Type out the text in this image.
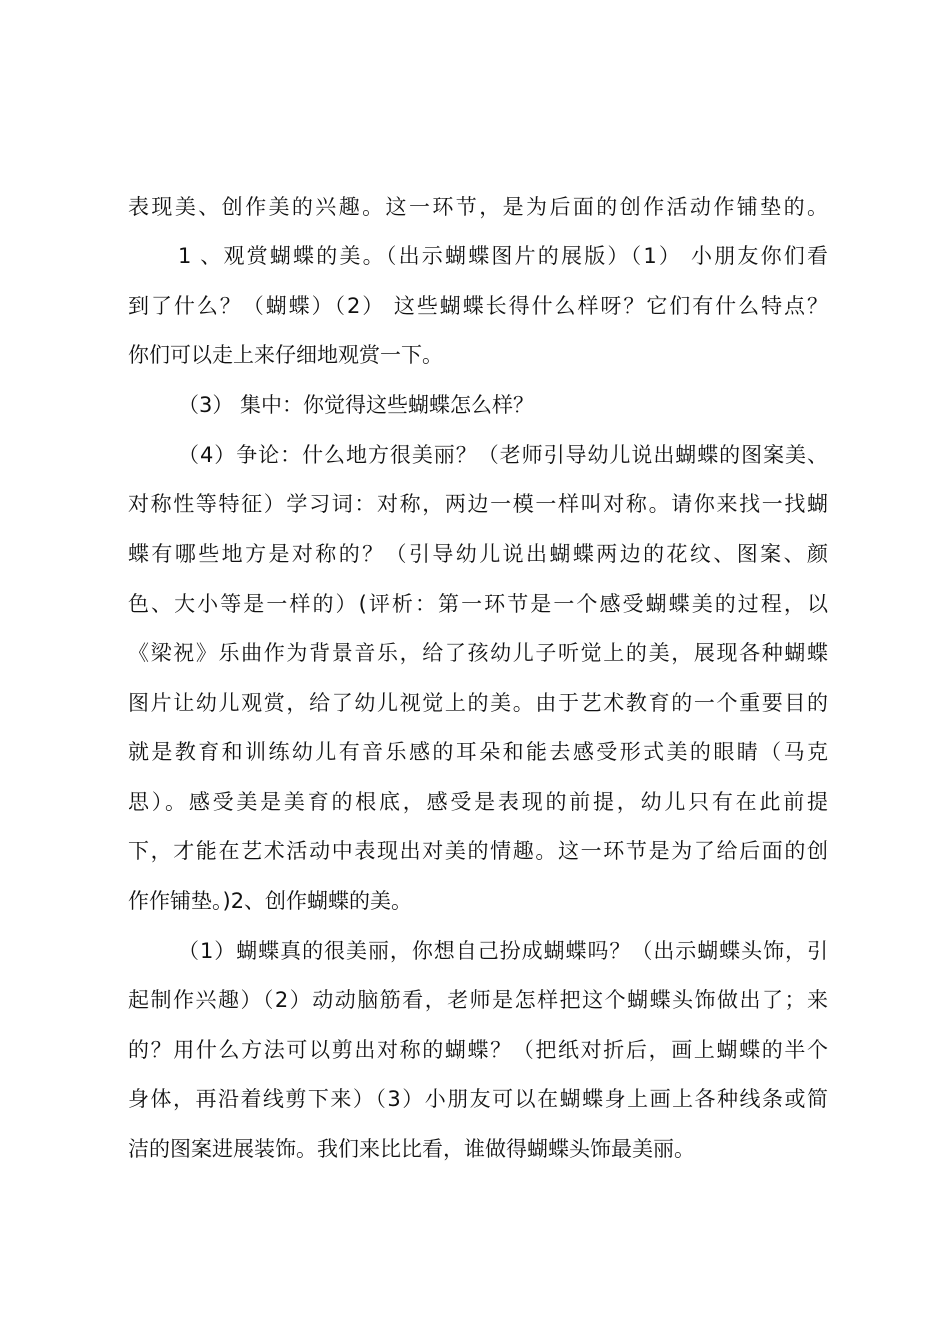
表现美、创作美的兴趣。这一环节，是为后面的创作活动作铺垫的。
1 、观赏蝴蝶的美。（出示蝴蝶图片的展版）（1） 小朋友你们看
到了什么？（蝴蝶）（2） 这些蝴蝶长得什么样呀？它们有什么特点？
你们可以走上来仔细地观赏一下。
（3） 集中：你觉得这些蝴蝶怎么样？
（4）争论：什么地方很美丽？（老师引导幼儿说出蝴蝶的图案美、
对称性等特征）学习词：对称，两边一模一样叫对称。请你来找一找蝴
蝶有哪些地方是对称的？（引导幼儿说出蝴蝶两边的花纹、图案、颜
色、大小等是一样的）(评析：第一环节是一个感受蝴蝶美的过程，以
《梁祝》乐曲作为背景音乐，给了孩幼儿子听觉上的美，展现各种蝴蝶
图片让幼儿观赏，给了幼儿视觉上的美。由于艺术教育的一个重要目的
就是教育和训练幼儿有音乐感的耳朵和能去感受形式美的眼睛（马克
思）。感受美是美育的根底，感受是表现的前提，幼儿只有在此前提
下，才能在艺术活动中表现出对美的情趣。这一环节是为了给后面的创
作作铺垫。)2、创作蝴蝶的美。
（1）蝴蝶真的很美丽，你想自己扮成蝴蝶吗？（出示蝴蝶头饰，引
起制作兴趣）（2）动动脑筋看，老师是怎样把这个蝴蝶头饰做出了；来
的？用什么方法可以剪出对称的蝴蝶？（把纸对折后，画上蝴蝶的半个
身体，再沿着线剪下来）（3）小朋友可以在蝴蝶身上画上各种线条或简
洁的图案进展装饰。我们来比比看，谁做得蝴蝶头饰最美丽。
